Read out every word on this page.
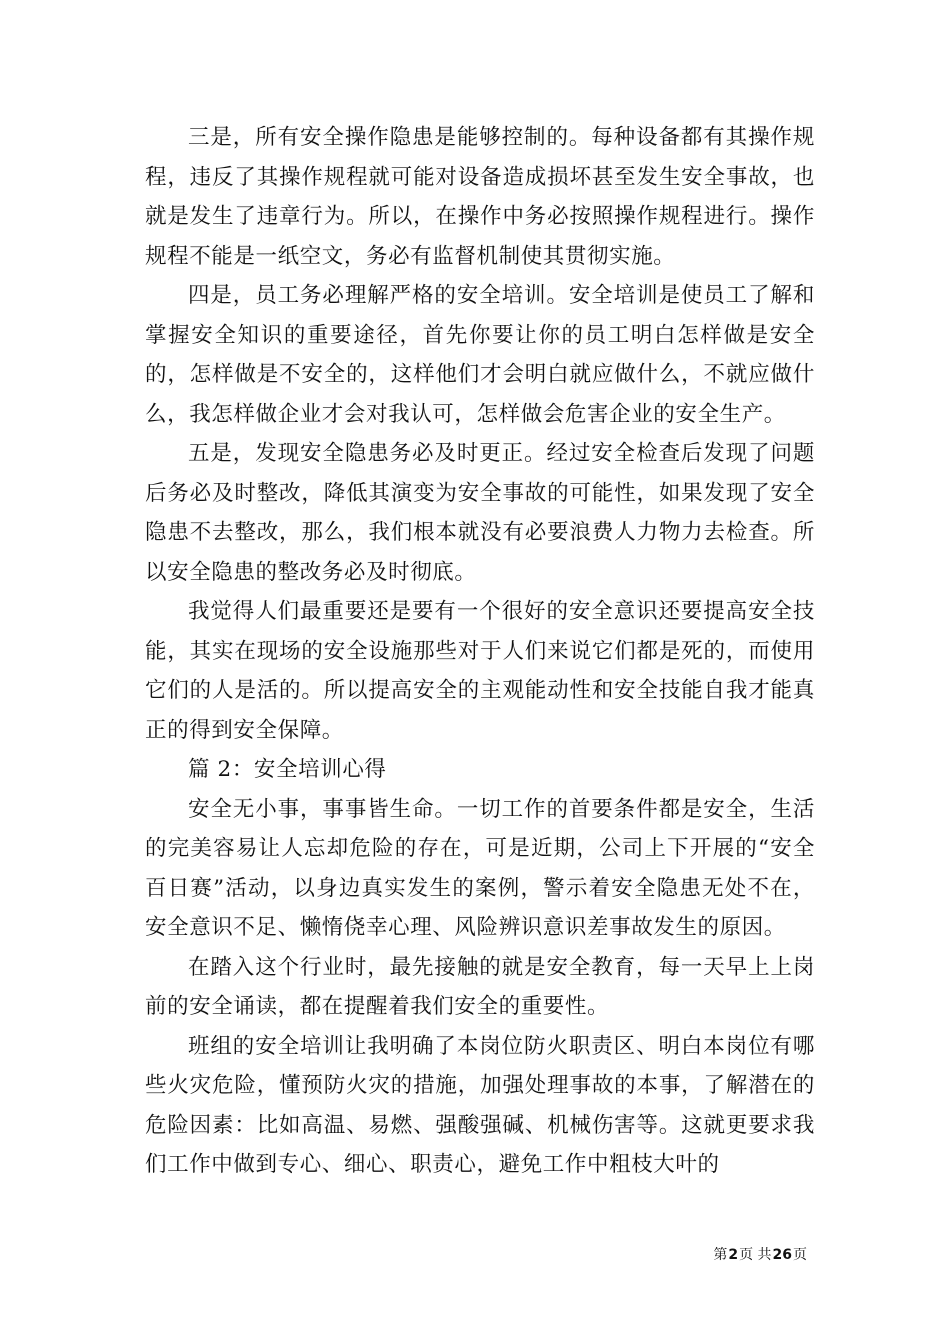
三是，所有安全操作隐患是能够控制的。每种设备都有其操作规程，违反了其操作规程就可能对设备造成损坏甚至发生安全事故，也就是发生了违章行为。所以，在操作中务必按照操作规程进行。操作规程不能是一纸空文，务必有监督机制使其贯彻实施。

四是，员工务必理解严格的安全培训。安全培训是使员工了解和掌握安全知识的重要途径，首先你要让你的员工明白怎样做是安全的，怎样做是不安全的，这样他们才会明白就应做什么，不就应做什么，我怎样做企业才会对我认可，怎样做会危害企业的安全生产。

五是，发现安全隐患务必及时更正。经过安全检查后发现了问题后务必及时整改，降低其演变为安全事故的可能性，如果发现了安全隐患不去整改，那么，我们根本就没有必要浪费人力物力去检查。所以安全隐患的整改务必及时彻底。

我觉得人们最重要还是要有一个很好的安全意识还要提高安全技能，其实在现场的安全设施那些对于人们来说它们都是死的，而使用它们的人是活的。所以提高安全的主观能动性和安全技能自我才能真正的得到安全保障。

篇 2：安全培训心得

安全无小事，事事皆生命。一切工作的首要条件都是安全，生活的完美容易让人忘却危险的存在，可是近期，公司上下开展的“安全百日赛”活动，以身边真实发生的案例，警示着安全隐患无处不在，安全意识不足、懒惰侥幸心理、风险辨识意识差事故发生的原因。

在踏入这个行业时，最先接触的就是安全教育，每一天早上上岗前的安全诵读，都在提醒着我们安全的重要性。

班组的安全培训让我明确了本岗位防火职责区、明白本岗位有哪些火灾危险，懂预防火灾的措施，加强处理事故的本事，了解潜在的危险因素：比如高温、易燃、强酸强碱、机械伤害等。这就更要求我们工作中做到专心、细心、职责心，避免工作中粗枝大叶的

第2页 共26页
